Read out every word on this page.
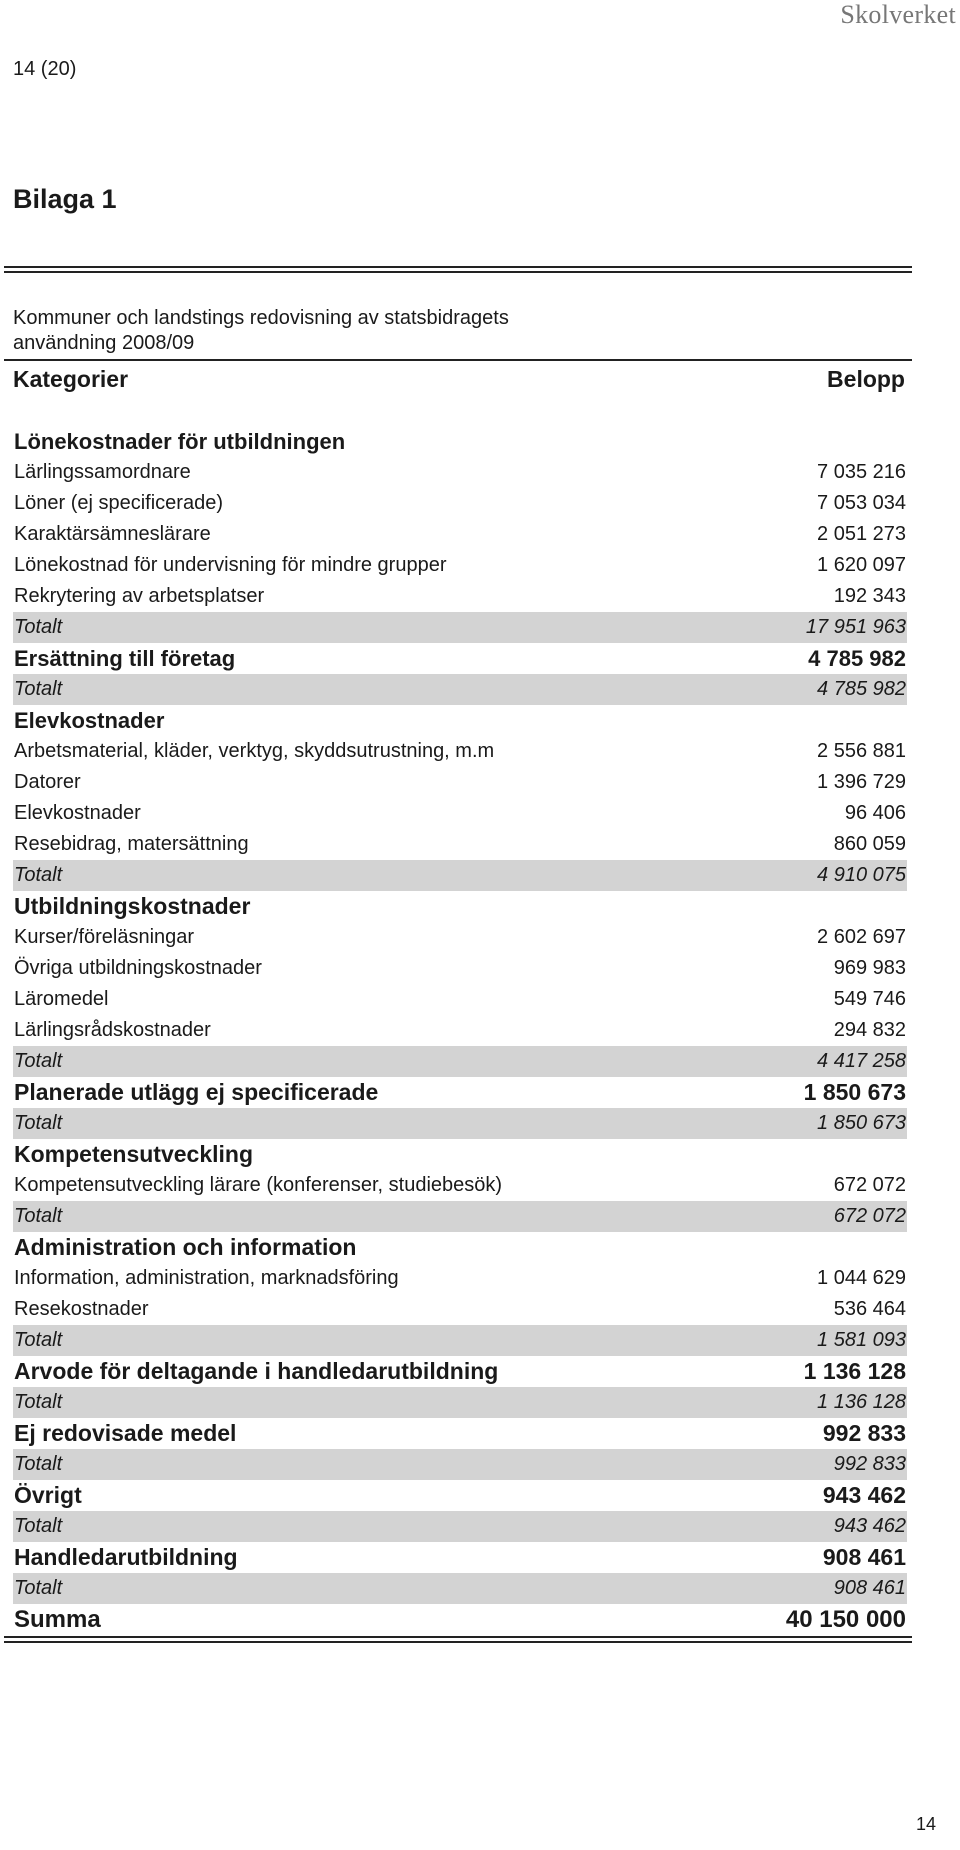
Skolverket
14 (20)
Bilaga 1
Kommuner och landstings redovisning av statsbidragets
användning 2008/09
Kategorier	Belopp
Lönekostnader för utbildningen
Lärlingssamordnare	7 035 216
Löner (ej specificerade)	7 053 034
Karaktärsämneslärare	2 051 273
Lönekostnad för undervisning för mindre grupper	1 620 097
Rekrytering av arbetsplatser	192 343
Totalt	17 951 963
Ersättning till företag	4 785 982
Totalt	4 785 982
Elevkostnader
Arbetsmaterial, kläder, verktyg, skyddsutrustning, m.m	2 556 881
Datorer	1 396 729
Elevkostnader	96 406
Resebidrag, matersättning	860 059
Totalt	4 910 075
Utbildningskostnader
Kurser/föreläsningar	2 602 697
Övriga utbildningskostnader	969 983
Läromedel	549 746
Lärlingsrådskostnader	294 832
Totalt	4 417 258
Planerade utlägg ej specificerade	1 850 673
Totalt	1 850 673
Kompetensutveckling
Kompetensutveckling lärare (konferenser, studiebesök)	672 072
Totalt	672 072
Administration och information
Information, administration, marknadsföring	1 044 629
Resekostnader	536 464
Totalt	1 581 093
Arvode för deltagande i handledarutbildning	1 136 128
Totalt	1 136 128
Ej redovisade medel	992 833
Totalt	992 833
Övrigt	943 462
Totalt	943 462
Handledarutbildning	908 461
Totalt	908 461
Summa	40 150 000
14
